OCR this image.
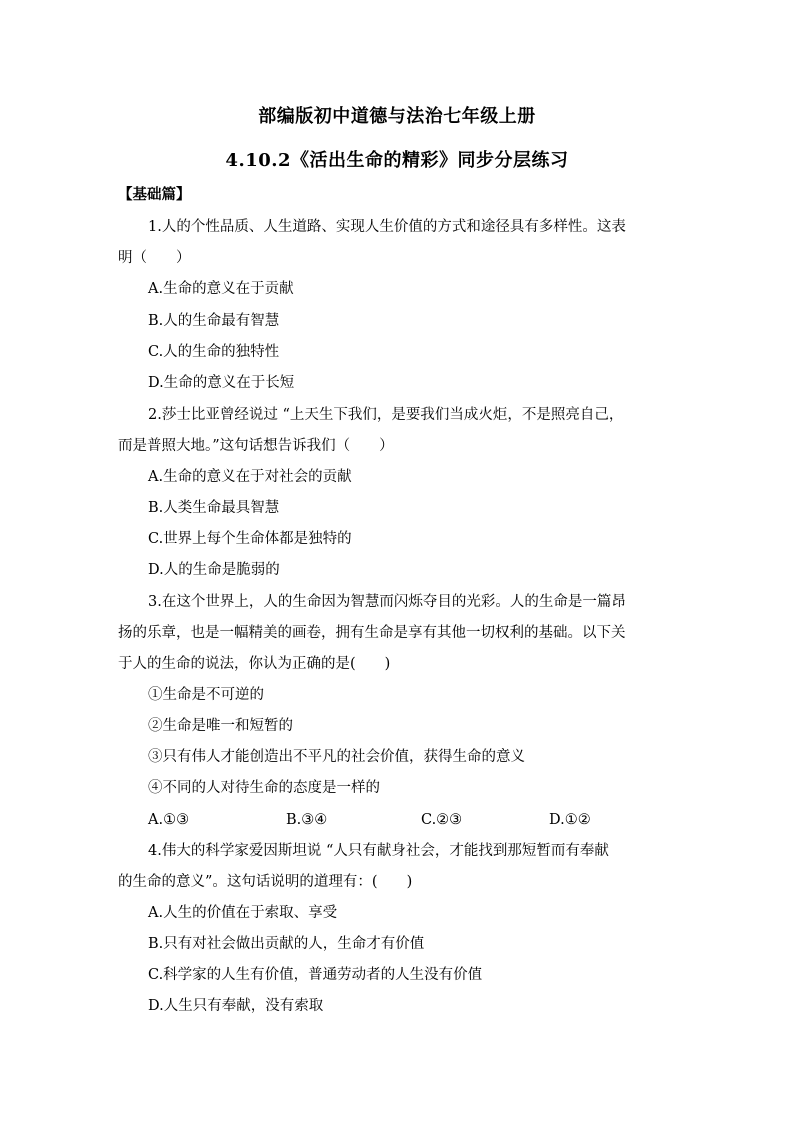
部编版初中道德与法治七年级上册
4.10.2《活出生命的精彩》同步分层练习
【基础篇】
1.人的个性品质、人生道路、实现人生价值的方式和途径具有多样性。这表
明（　　）
A.生命的意义在于贡献
B.人的生命最有智慧
C.人的生命的独特性
D.生命的意义在于长短
2.莎士比亚曾经说过 “上天生下我们，是要我们当成火炬，不是照亮自己，
而是普照大地。”这句话想告诉我们（　　）
A.生命的意义在于对社会的贡献
B.人类生命最具智慧
C.世界上每个生命体都是独特的
D.人的生命是脆弱的
3.在这个世界上，人的生命因为智慧而闪烁夺目的光彩。人的生命是一篇昂
扬的乐章，也是一幅精美的画卷，拥有生命是享有其他一切权利的基础。以下关
于人的生命的说法，你认为正确的是(　　)
①生命是不可逆的
②生命是唯一和短暂的
③只有伟人才能创造出不平凡的社会价值，获得生命的意义
④不同的人对待生命的态度是一样的
A.①③	B.③④	C.②③	D.①②
4.伟大的科学家爱因斯坦说 “人只有献身社会，才能找到那短暂而有奉献
的生命的意义”。这句话说明的道理有：(　　)
A.人生的价值在于索取、享受
B.只有对社会做出贡献的人，生命才有价值
C.科学家的人生有价值，普通劳动者的人生没有价值
D.人生只有奉献，没有索取
